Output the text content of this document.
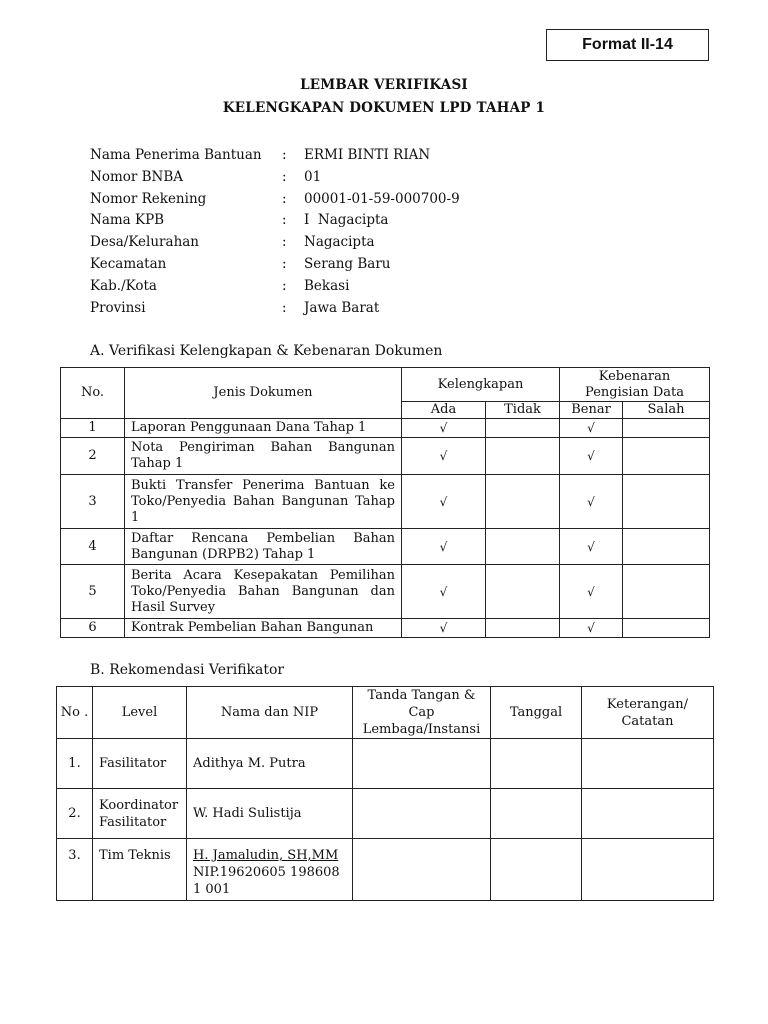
Format II-14
LEMBAR VERIFIKASI
KELENGKAPAN DOKUMEN LPD TAHAP 1
Nama Penerima Bantuan	:	ERMI BINTI RIAN
Nomor BNBA	:	01
Nomor Rekening	:	00001-01-59-000700-9
Nama KPB	:	I  Nagacipta
Desa/Kelurahan	:	Nagacipta
Kecamatan	:	Serang Baru
Kab./Kota	:	Bekasi
Provinsi	:	Jawa Barat
A. Verifikasi Kelengkapan & Kebenaran Dokumen
No.	Jenis Dokumen	Kelengkapan		Kebenaran Pengisian Data	
		Ada	Tidak	Benar	Salah
1	Laporan Penggunaan Dana Tahap 1	√		√	
2	Nota Pengiriman Bahan Bangunan Tahap 1	√		√	
3	Bukti Transfer Penerima Bantuan ke Toko/Penyedia Bahan Bangunan Tahap 1	√		√	
4	Daftar Rencana Pembelian Bahan Bangunan (DRPB2) Tahap 1	√		√	
5	Berita Acara Kesepakatan Pemilihan Toko/Penyedia Bahan Bangunan dan Hasil Survey	√		√	
6	Kontrak Pembelian Bahan Bangunan	√		√	
B. Rekomendasi Verifikator
No .	Level	Nama dan NIP	Tanda Tangan & Cap Lembaga/Instansi	Tanggal	Keterangan/ Catatan
1.	Fasilitator	Adithya M. Putra			
2.	Koordinator Fasilitator	W. Hadi Sulistija			
3.	Tim Teknis	H. Jamaludin, SH,MM
NIP.19620605 198608 1 001			
